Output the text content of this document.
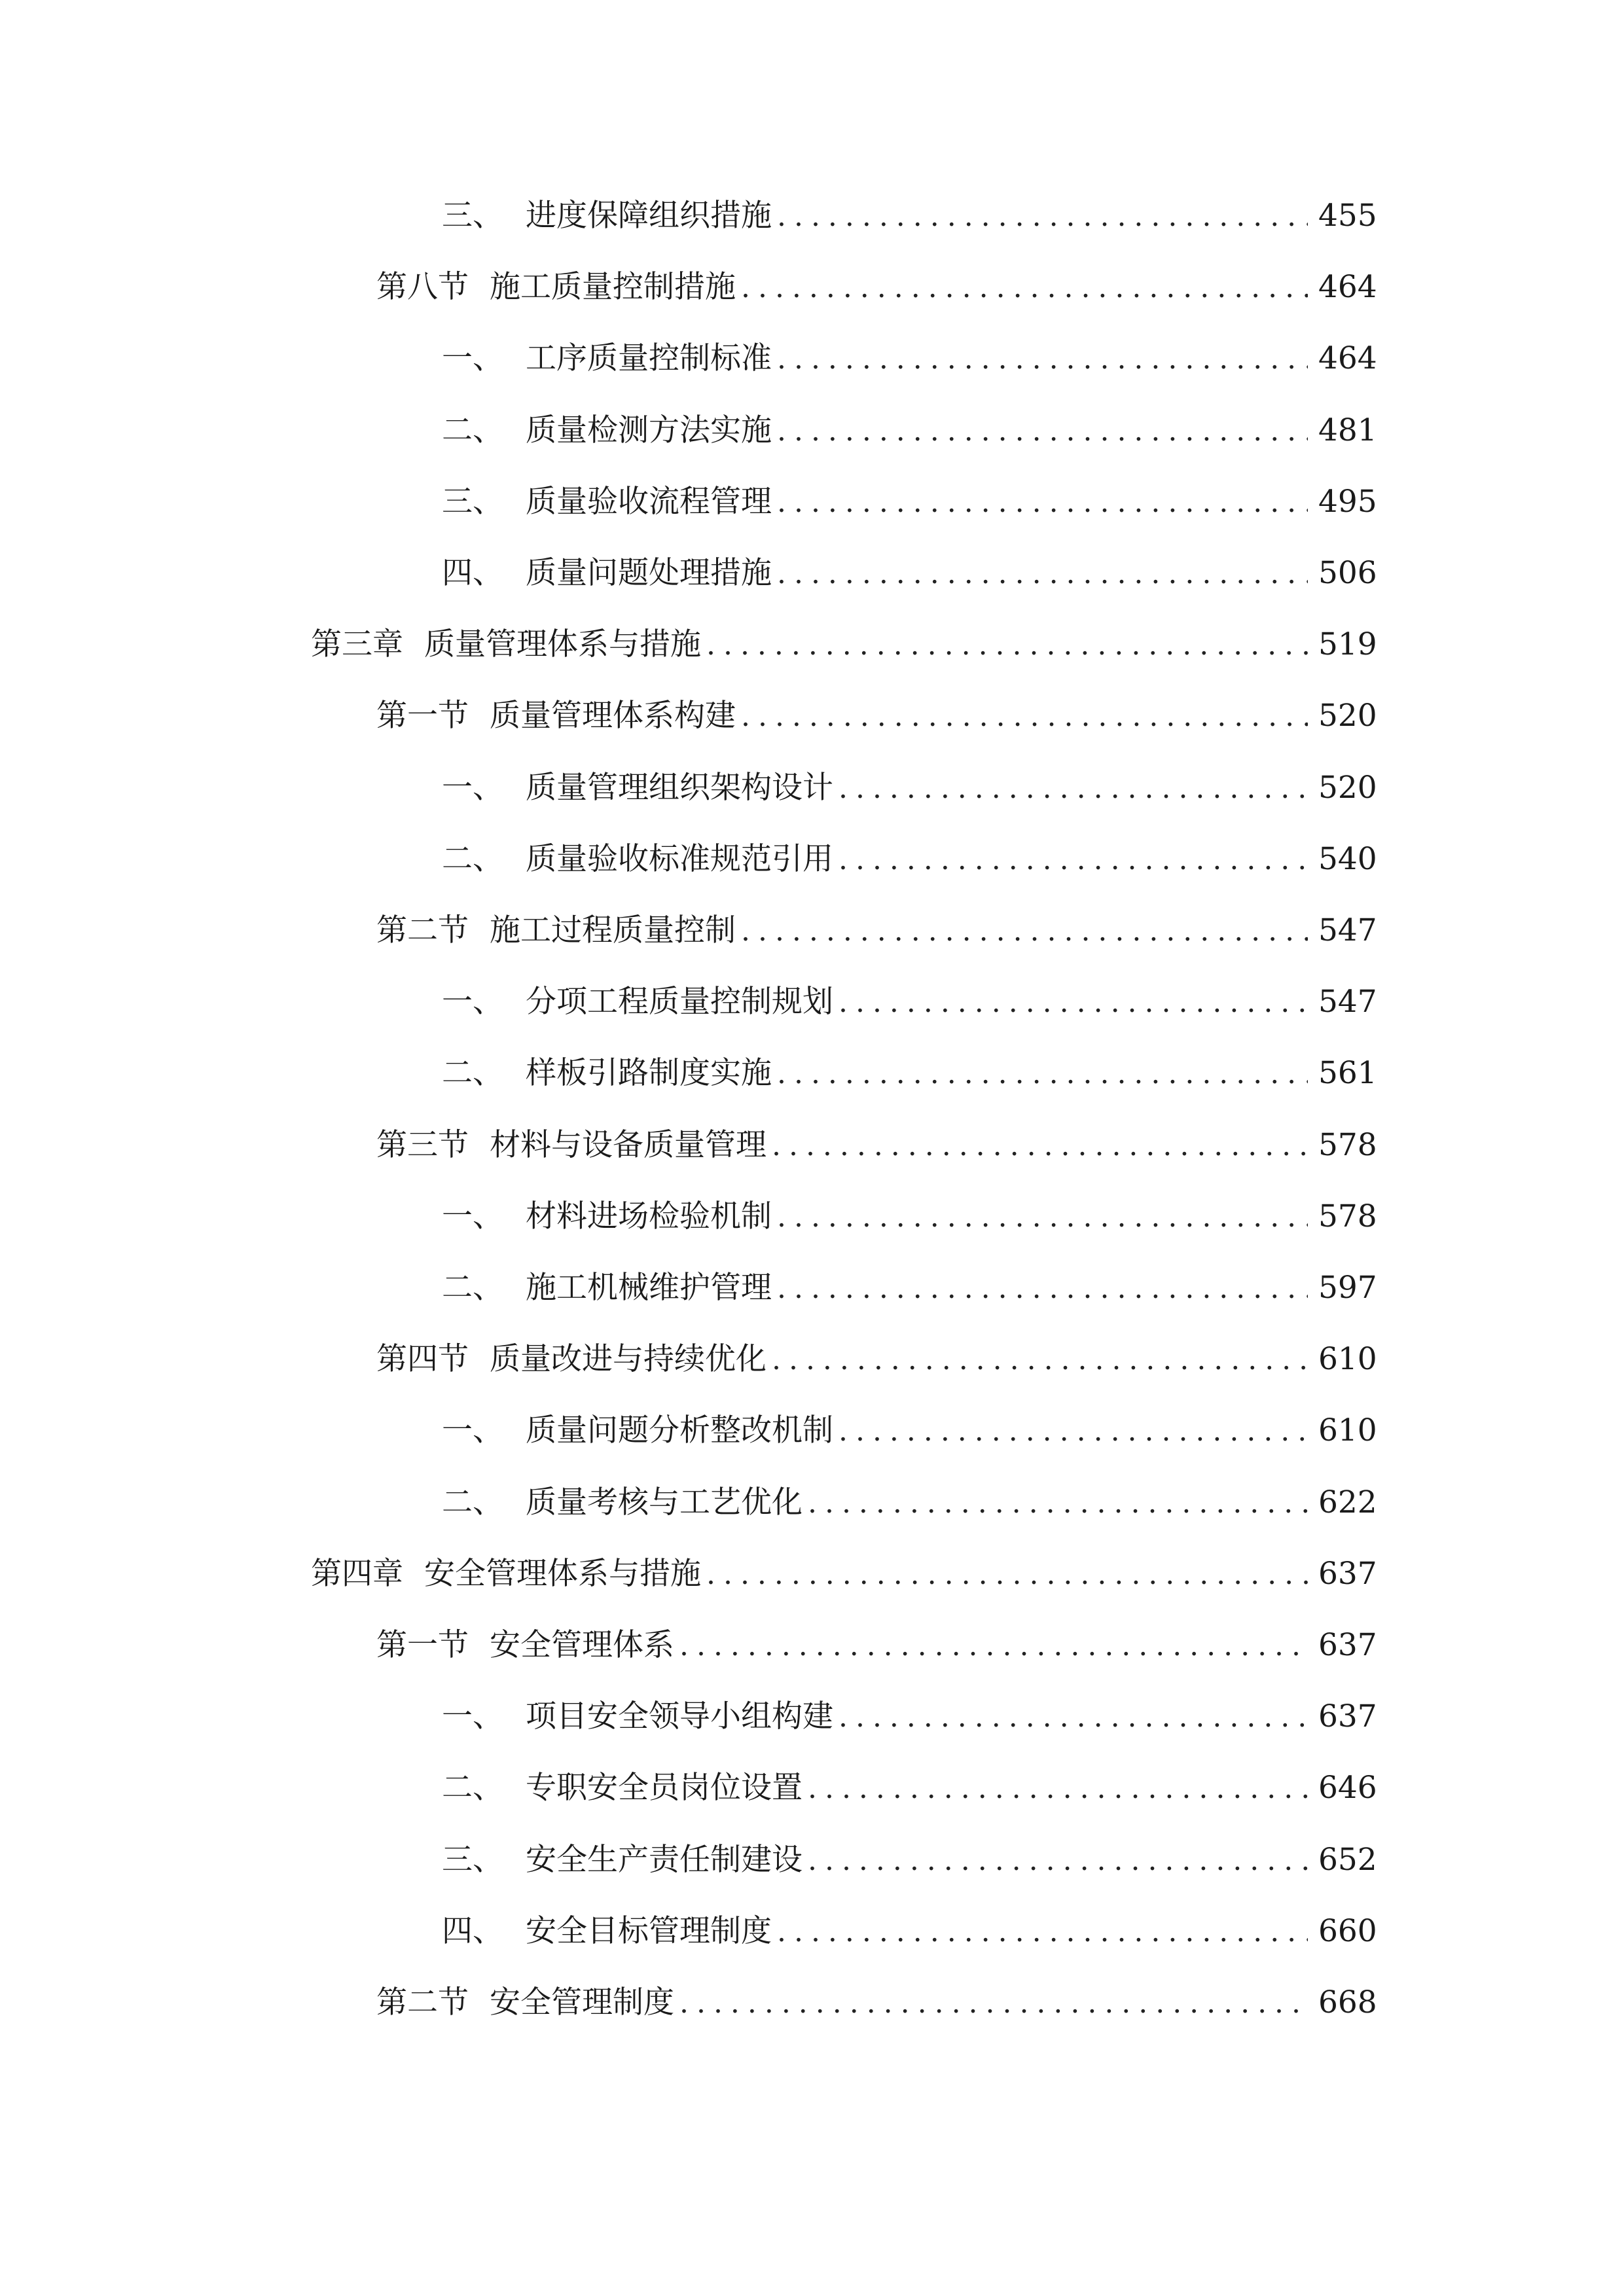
三、 进度保障组织措施 . . .	455
第八节 施工质量控制措施 . . .	464
一、 工序质量控制标准 . . .	464
二、 质量检测方法实施 . . .	481
三、 质量验收流程管理 . . .	495
四、 质量问题处理措施 . . .	506
第三章 质量管理体系与措施 . . .	519
第一节 质量管理体系构建 . . .	520
一、 质量管理组织架构设计 . . .	520
二、 质量验收标准规范引用 . . .	540
第二节 施工过程质量控制 . . .	547
一、 分项工程质量控制规划 . . .	547
二、 样板引路制度实施 . . .	561
第三节 材料与设备质量管理 . . .	578
一、 材料进场检验机制 . . .	578
二、 施工机械维护管理 . . .	597
第四节 质量改进与持续优化 . . .	610
一、 质量问题分析整改机制 . . .	610
二、 质量考核与工艺优化 . . .	622
第四章 安全管理体系与措施 . . .	637
第一节 安全管理体系 . . .	637
一、 项目安全领导小组构建 . . .	637
二、 专职安全员岗位设置 . . .	646
三、 安全生产责任制建设 . . .	652
四、 安全目标管理制度 . . .	660
第二节 安全管理制度 . . .	668
